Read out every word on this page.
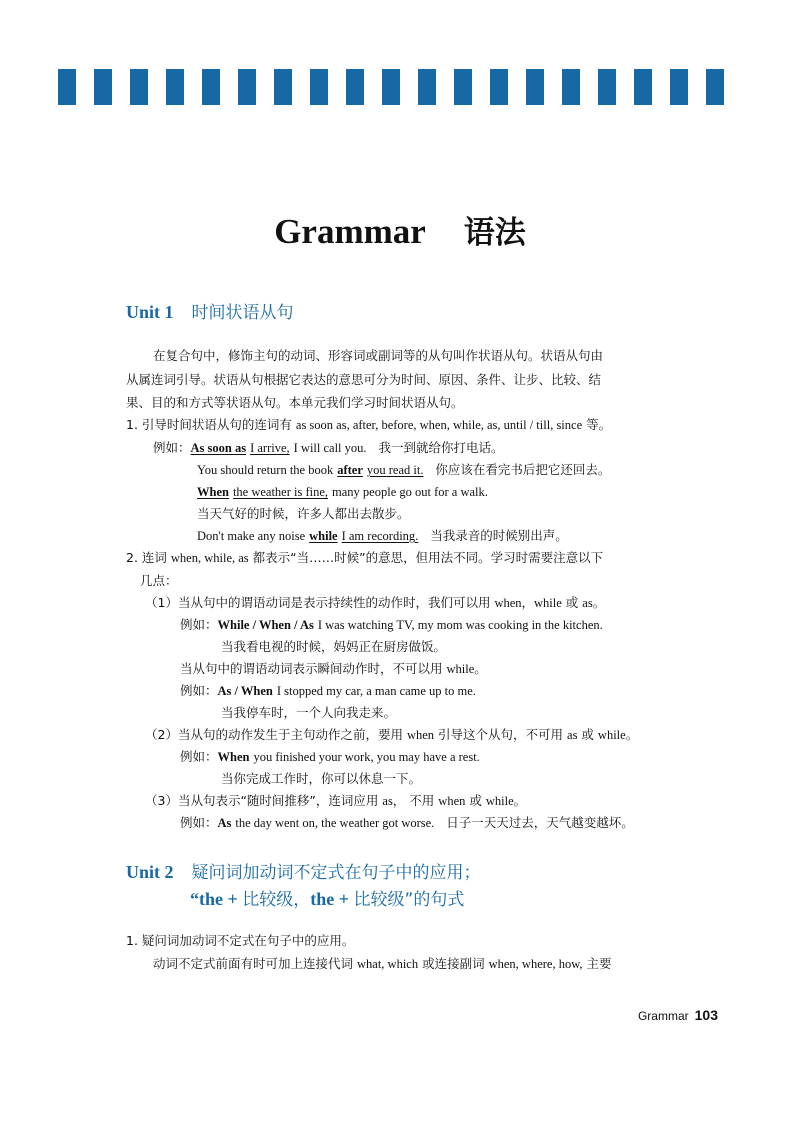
Grammar 语法
Unit 1 时间状语从句
在复合句中，修饰主句的动词、形容词或副词等的从句叫作状语从句。状语从句由
从属连词引导。状语从句根据它表达的意思可分为时间、原因、条件、让步、比较、结
果、目的和方式等状语从句。本单元我们学习时间状语从句。
1. 引导时间状语从句的连词有 as soon as, after, before, when, while, as, until / till, since 等。
例如：As soon as I arrive, I will call you. 我一到就给你打电话。
You should return the book after you read it. 你应该在看完书后把它还回去。
When the weather is fine, many people go out for a walk.
当天气好的时候，许多人都出去散步。
Don't make any noise while I am recording. 当我录音的时候别出声。
2. 连词 when, while, as 都表示“当……时候”的意思，但用法不同。学习时需要注意以下
几点：
（1）当从句中的谓语动词是表示持续性的动作时，我们可以用 when，while 或 as。
例如：While / When / As I was watching TV, my mom was cooking in the kitchen.
当我看电视的时候，妈妈正在厨房做饭。
当从句中的谓语动词表示瞬间动作时，不可以用 while。
例如：As / When I stopped my car, a man came up to me.
当我停车时，一个人向我走来。
（2）当从句的动作发生于主句动作之前，要用 when 引导这个从句，不可用 as 或 while。
例如：When you finished your work, you may have a rest.
当你完成工作时，你可以休息一下。
（3）当从句表示“随时间推移”，连词应用 as， 不用 when 或 while。
例如：As the day went on, the weather got worse. 日子一天天过去，天气越变越坏。
Unit 2 疑问词加动词不定式在句子中的应用；
“the + 比较级，the + 比较级”的句式
1. 疑问词加动词不定式在句子中的应用。
动词不定式前面有时可加上连接代词 what, which 或连接副词 when, where, how, 主要
Grammar 103
